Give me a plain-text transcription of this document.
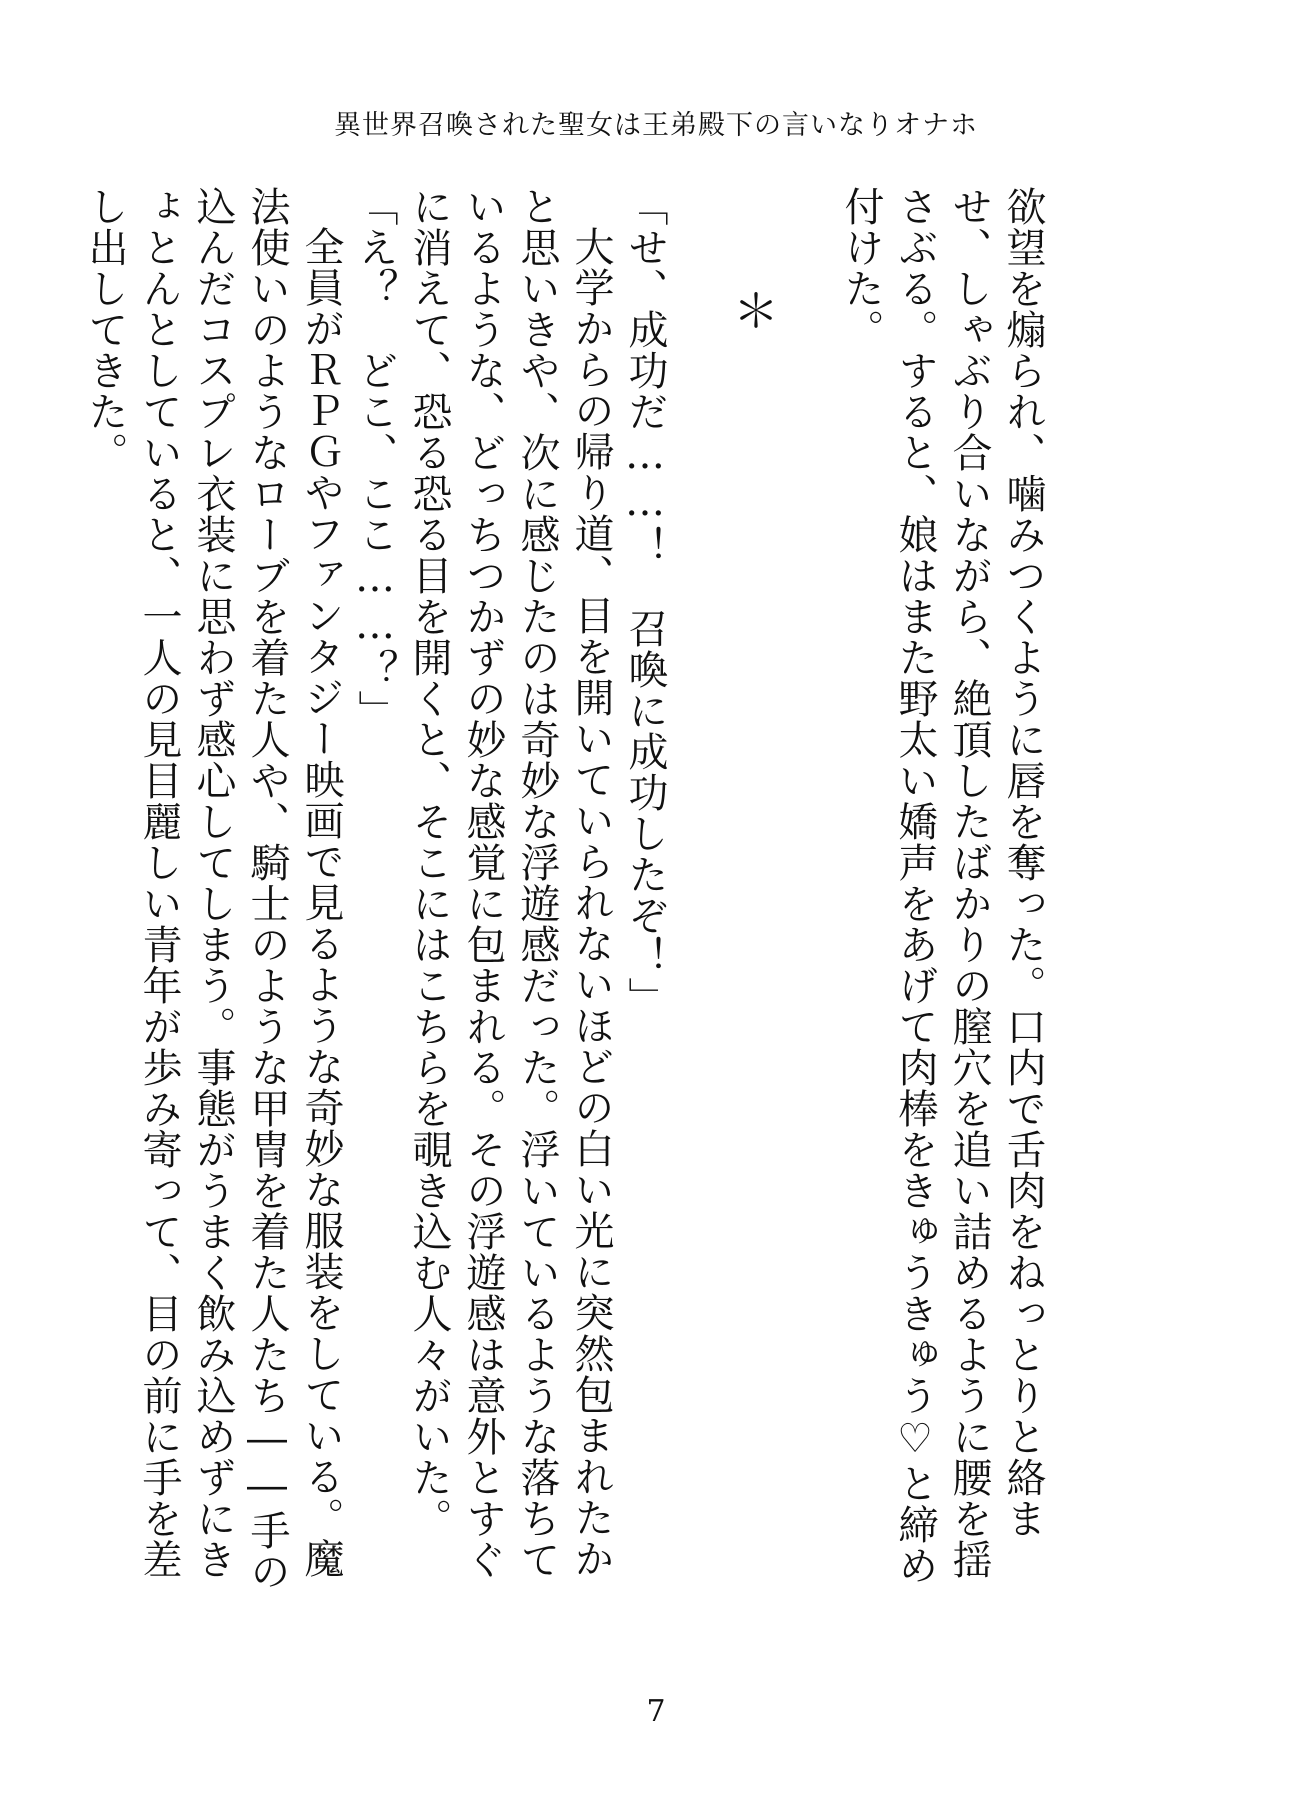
異世界召喚された聖女は王弟殿下の言いなりオナホ

欲望を煽られ、噛みつくように唇を奪った。口内で舌肉をねっとりと絡ませ、しゃぶり合いながら、絶頂したばかりの膣穴を追い詰めるように腰を揺さぶる。すると、娘はまた野太い嬌声をあげて肉棒をきゅうきゅう♡と締め付けた。

＊

「せ、成功だ……！　召喚に成功したぞ！」

大学からの帰り道、目を開いていられないほどの白い光に突然包まれたかと思いきや、次に感じたのは奇妙な浮遊感だった。浮いているような落ちているような、どっちつかずの妙な感覚に包まれる。その浮遊感は意外とすぐに消えて、恐る恐る目を開くと、そこにはこちらを覗き込む人々がいた。

「え？　どこ、ここ……？」

全員がＲＰＧやファンタジー映画で見るような奇妙な服装をしている。魔法使いのようなローブを着た人や、騎士のような甲冑を着た人たち――手の込んだコスプレ衣装に思わず感心してしまう。事態がうまく飲み込めずにきょとんとしていると、一人の見目麗しい青年が歩み寄って、目の前に手を差し出してきた。

7
